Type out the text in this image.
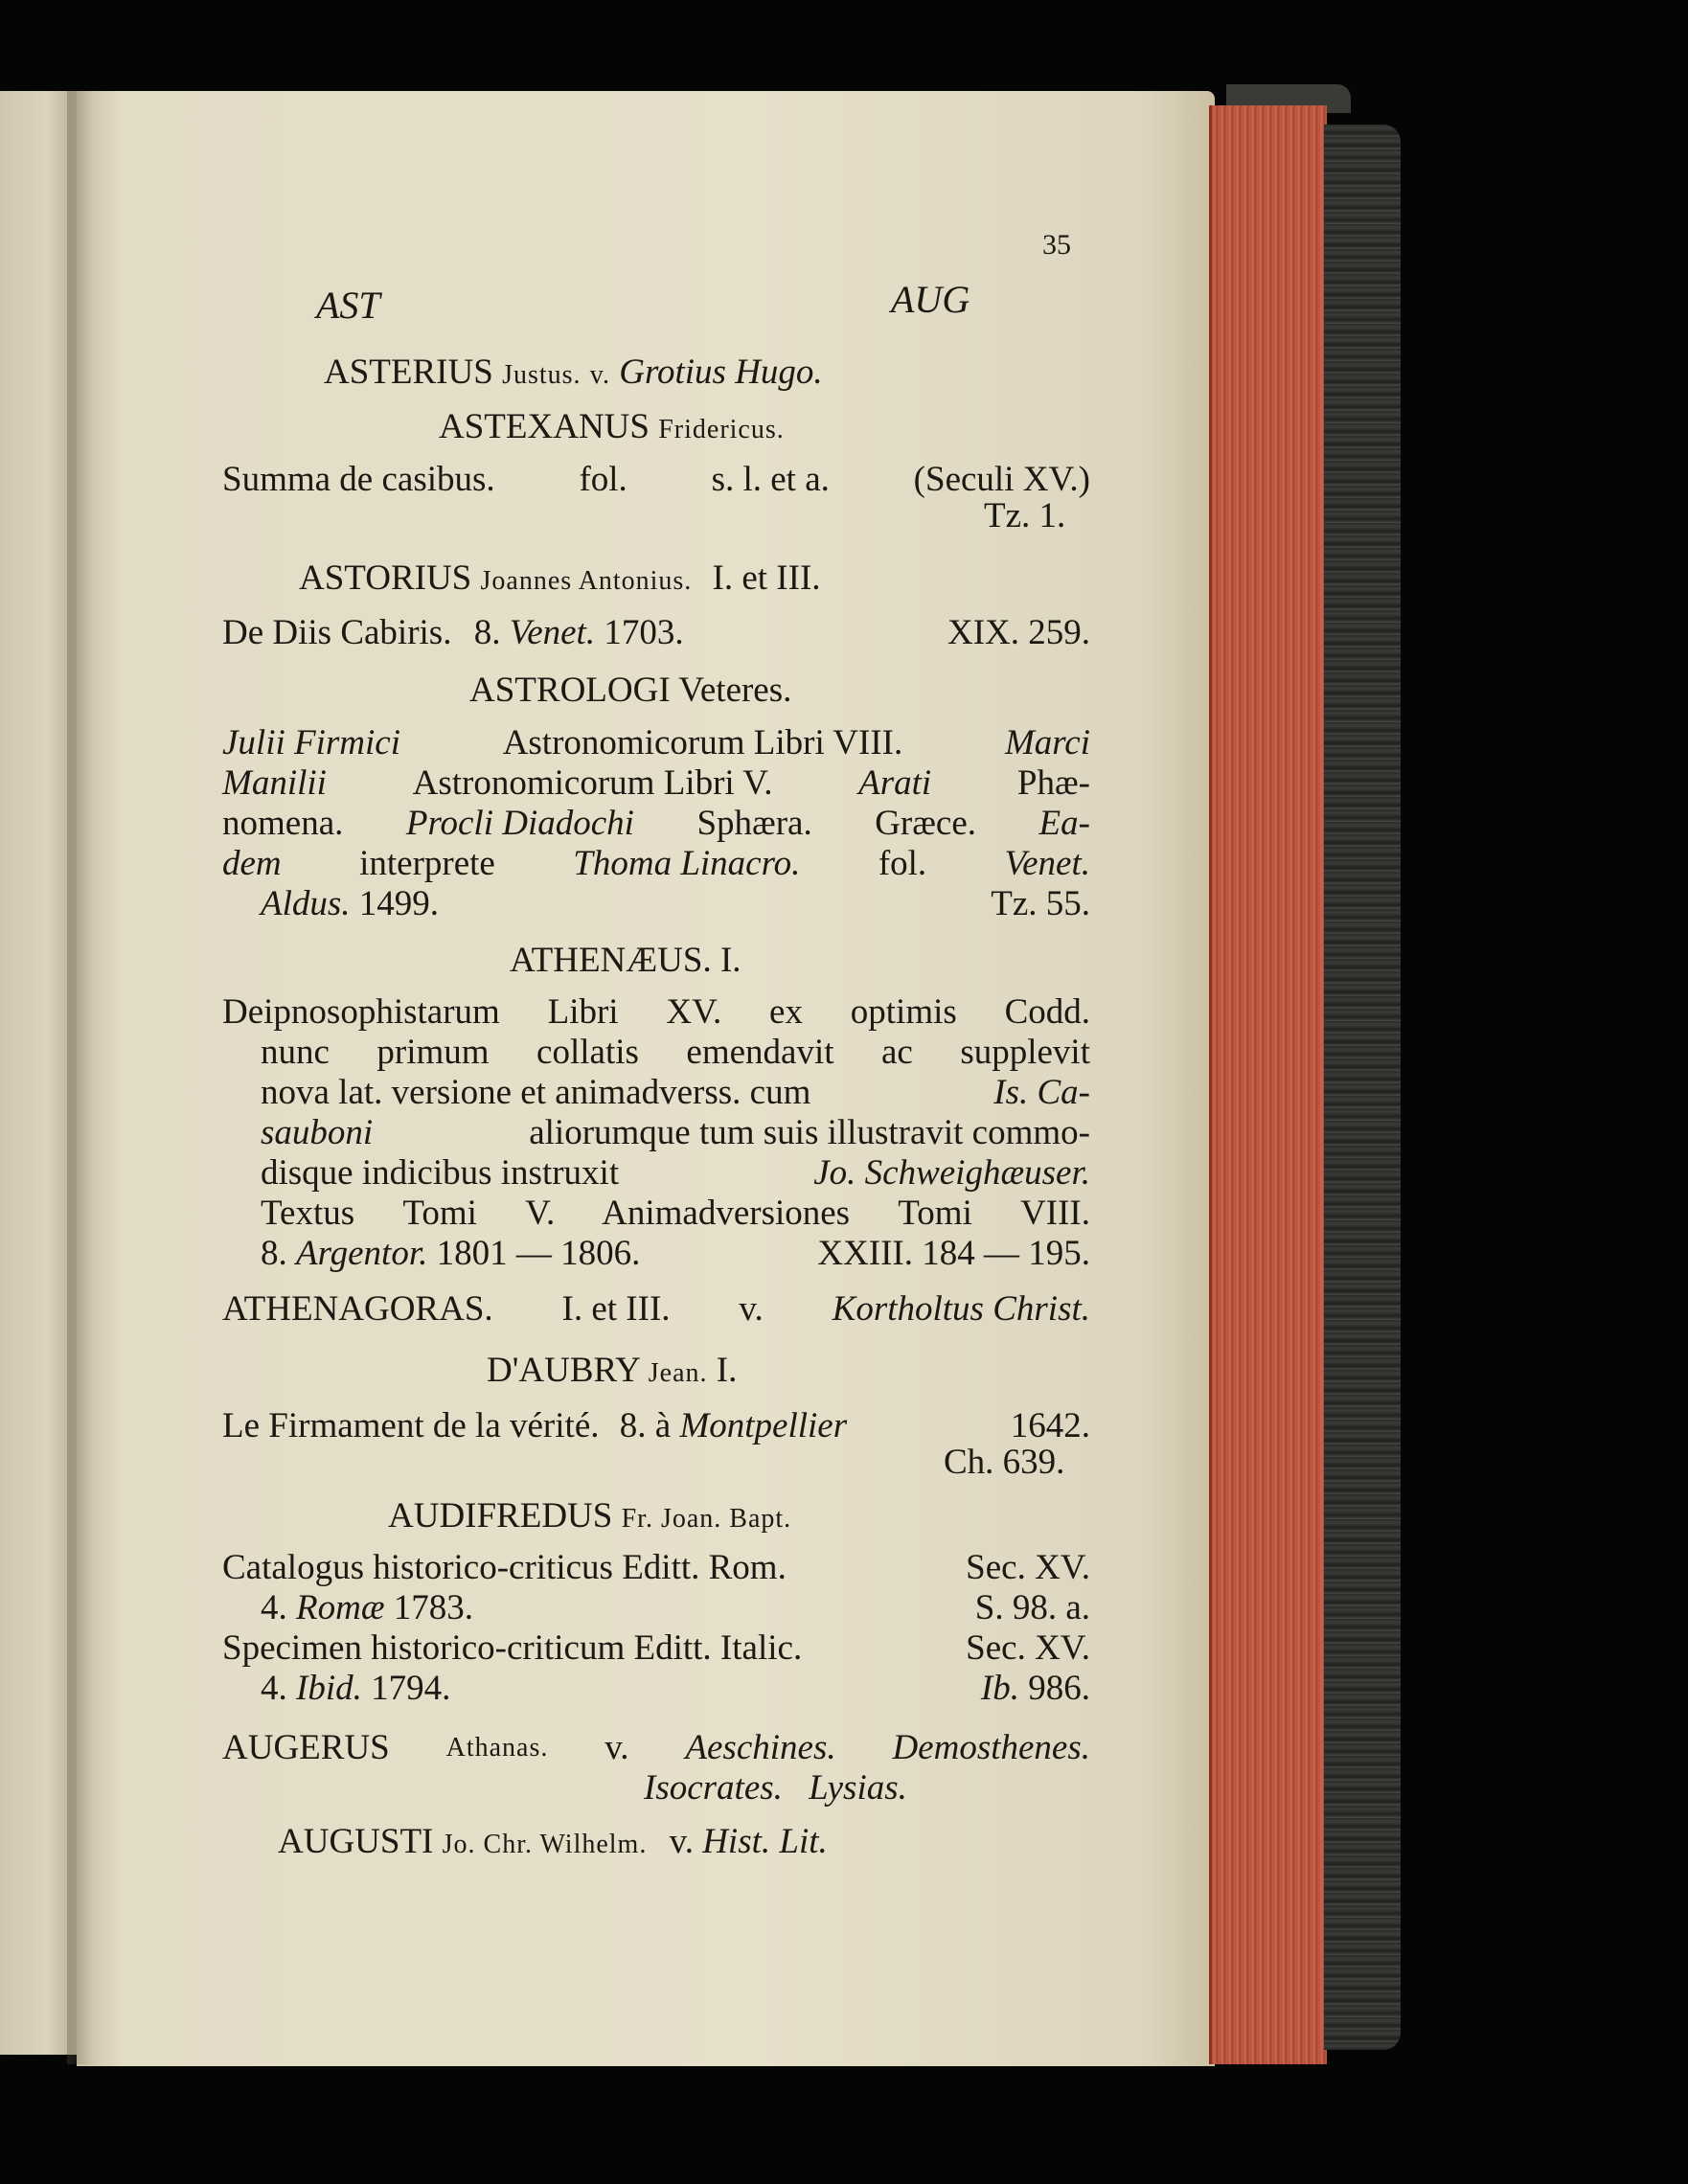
35
AST	AUG
ASTERIUS Justus. v. Grotius Hugo.
ASTEXANUS Fridericus.
Summa de casibus. fol. s. l. et a. (Seculi XV.)
Tz. 1.
ASTORIUS Joannes Antonius. I. et III.
De Diis Cabiris. 8. Venet. 1703.	XIX. 259.
ASTROLOGI Veteres.
Julii Firmici	Astronomicorum Libri VIII.	Marci
Manilii Astronomicorum Libri V. Arati Phæ-
nomena. Procli Diadochi Sphæra. Græce. Ea-
dem interprete Thoma Linacro. fol. Venet.
Aldus. 1499.	Tz. 55.
ATHENÆUS. I.
Deipnosophistarum Libri XV. ex optimis Codd.
nunc primum collatis emendavit ac supplevit
nova lat. versione et animadverss. cum	Is. Ca-
sauboni	aliorumque tum suis illustravit commo-
disque indicibus instruxit	Jo. Schweighæuser.
Textus Tomi V. Animadversiones Tomi VIII.
8. Argentor. 1801 — 1806.	XXIII. 184 — 195.
ATHENAGORAS. I. et III. v. Kortholtus Christ.
D'AUBRY Jean. I.
Le Firmament de la vérité. 8. à Montpellier	1642.
Ch. 639.
AUDIFREDUS Fr. Joan. Bapt.
Catalogus historico-criticus Editt. Rom.	Sec. XV.
4. Romæ 1783.	S. 98. a.
Specimen historico-criticum Editt. Italic.	Sec. XV.
4. Ibid. 1794.	Ib. 986.
AUGERUS Athanas. v. Aeschines. Demosthenes.
Isocrates. Lysias.
AUGUSTI Jo. Chr. Wilhelm. v. Hist. Lit.
